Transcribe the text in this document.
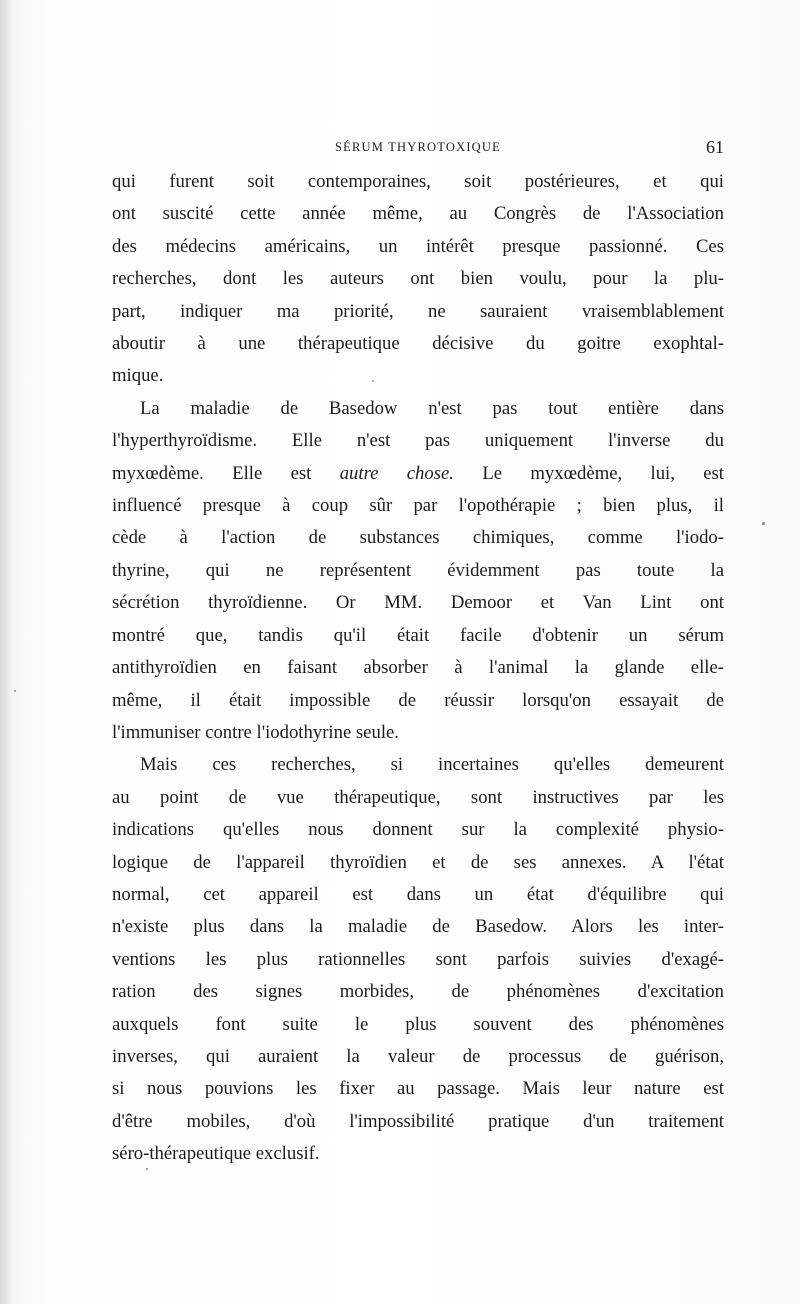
SÉRUM THYROTOXIQUE	61

qui furent soit contemporaines, soit postérieures, et qui
ont suscité cette année même, au Congrès de l'Association
des médecins américains, un intérêt presque passionné. Ces
recherches, dont les auteurs ont bien voulu, pour la plu-
part, indiquer ma priorité, ne sauraient vraisemblablement
aboutir à une thérapeutique décisive du goitre exophtal-
mique.

La maladie de Basedow n'est pas tout entière dans
l'hyperthyroïdisme. Elle n'est pas uniquement l'inverse du
myxœdème. Elle est autre chose. Le myxœdème, lui, est
influencé presque à coup sûr par l'opothérapie ; bien plus, il
cède à l'action de substances chimiques, comme l'iodo-
thyrine, qui ne représentent évidemment pas toute la
sécrétion thyroïdienne. Or MM. Demoor et Van Lint ont
montré que, tandis qu'il était facile d'obtenir un sérum
antithyroïdien en faisant absorber à l'animal la glande elle-
même, il était impossible de réussir lorsqu'on essayait de
l'immuniser contre l'iodothyrine seule.

Mais ces recherches, si incertaines qu'elles demeurent
au point de vue thérapeutique, sont instructives par les
indications qu'elles nous donnent sur la complexité physio-
logique de l'appareil thyroïdien et de ses annexes. A l'état
normal, cet appareil est dans un état d'équilibre qui
n'existe plus dans la maladie de Basedow. Alors les inter-
ventions les plus rationnelles sont parfois suivies d'exagé-
ration des signes morbides, de phénomènes d'excitation
auxquels font suite le plus souvent des phénomènes
inverses, qui auraient la valeur de processus de guérison,
si nous pouvions les fixer au passage. Mais leur nature est
d'être mobiles, d'où l'impossibilité pratique d'un traitement
séro-thérapeutique exclusif.
